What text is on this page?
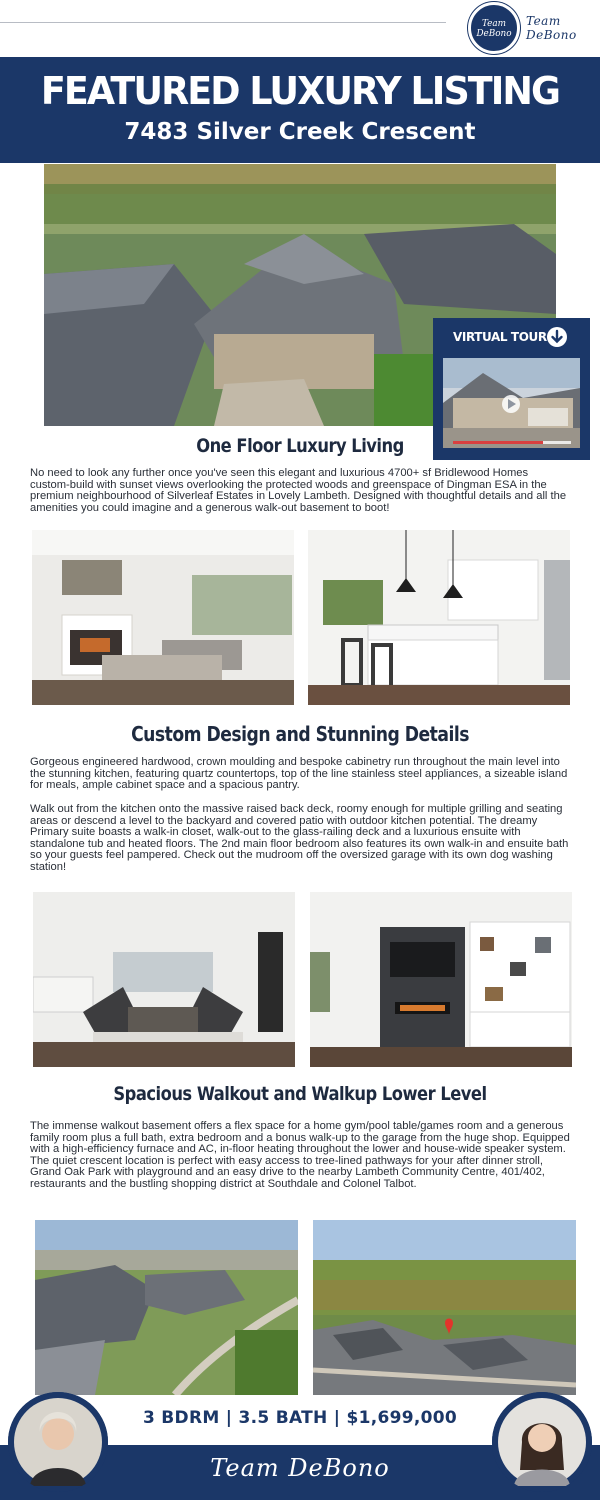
Team
DeBono
Team DeBono
FEATURED LUXURY LISTING
7483 Silver Creek Crescent
VIRTUAL TOUR
One Floor Luxury Living
No need to look any further once you've seen this elegant and luxurious 4700+ sf Bridlewood Homes custom-build with sunset views overlooking the protected woods and greenspace of Dingman ESA in the premium neighbourhood of Silverleaf Estates in Lovely Lambeth. Designed with thoughtful details and all the amenities you could imagine and a generous walk-out basement to boot!
Custom Design and Stunning Details
Gorgeous engineered hardwood, crown moulding and bespoke cabinetry run throughout the main level into the stunning kitchen, featuring quartz countertops, top of the line stainless steel appliances, a sizeable island for meals, ample cabinet space and a spacious pantry.
Walk out from the kitchen onto the massive raised back deck, roomy enough for multiple grilling and seating areas or descend a level to the backyard and covered patio with outdoor kitchen potential. The dreamy Primary suite boasts a walk-in closet, walk-out to the glass-railing deck and a luxurious ensuite with standalone tub and heated floors. The 2nd main floor bedroom also features its own walk-in and ensuite bath so your guests feel pampered. Check out the mudroom off the oversized garage with its own dog washing station!
Spacious Walkout and Walkup Lower Level
The immense walkout basement offers a flex space for a home gym/pool table/games room and a generous family room plus a full bath, extra bedroom and a bonus walk-up to the garage from the huge shop. Equipped with a high-efficiency furnace and AC, in-floor heating throughout the lower and house-wide speaker system. The quiet crescent location is perfect with easy access to tree-lined pathways for your after dinner stroll, Grand Oak Park with playground and an easy drive to the nearby Lambeth Community Centre, 401/402, restaurants and the bustling shopping district at Southdale and Colonel Talbot.
3 BDRM | 3.5 BATH | $1,699,000
Team DeBono
